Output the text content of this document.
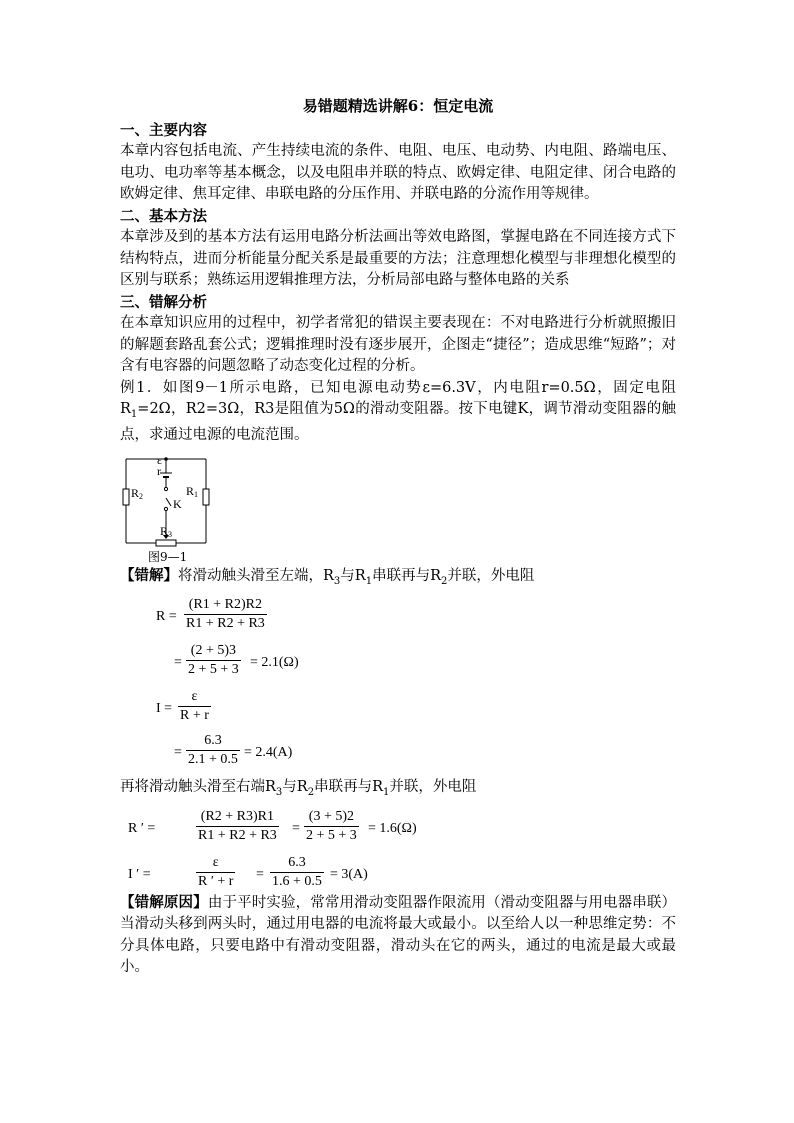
易错题精选讲解6：恒定电流
一、主要内容

本章内容包括电流、产生持续电流的条件、电阻、电压、电动势、内电阻、路端电压、电功、电功率等基本概念，以及电阻串并联的特点、欧姆定律、电阻定律、闭合电路的欧姆定律、焦耳定律、串联电路的分压作用、并联电路的分流作用等规律。

二、基本方法

本章涉及到的基本方法有运用电路分析法画出等效电路图，掌握电路在不同连接方式下结构特点，进而分析能量分配关系是最重要的方法；注意理想化模型与非理想化模型的区别与联系；熟练运用逻辑推理方法，分析局部电路与整体电路的关系

三、错解分析

在本章知识应用的过程中，初学者常犯的错误主要表现在：不对电路进行分析就照搬旧的解题套路乱套公式；逻辑推理时没有逐步展开，企图走“捷径”；造成思维“短路”；对含有电容器的问题忽略了动态变化过程的分析。

例1．如图9－1所示电路，已知电源电动势ε=6.3V，内电阻r=0.5Ω，固定电阻$R_1=2\Omega$，R2=3Ω，R3是阻值为5Ω的滑动变阻器。按下电键K，调节滑动变阻器的触点，求通过电源的电流范围。

ε
r
R2	R1
K
R3
图9—1

【错解】将滑动触头滑至左端，$R_3$与$R_1$串联再与$R_2$并联，外电阻

$R = \frac{(R1 + R2)R2}{R1 + R2 + R3}$
= $\frac{(2 + 5)3}{2 + 5 + 3} = 2.1(\Omega)$
$I = \frac{\varepsilon}{R + r}$
= $\frac{6.3}{2.1 + 0.5} = 2.4(A)$

再将滑动触头滑至右端$R_3$与$R_2$串联再与$R_1$并联，外电阻

R ′ =	$\frac{(R2 + R3)R1}{R1 + R2 + R3} = \frac{(3 + 5)2}{2 + 5 + 3} = 1.6(\Omega)$
I ′ =	$\frac{\varepsilon}{R ' + r} = \frac{6.3}{1.6 + 0.5} = 3(A)$

【错解原因】由于平时实验，常常用滑动变阻器作限流用（滑动变阻器与用电器串联）当滑动头移到两头时，通过用电器的电流将最大或最小。以至给人以一种思维定势：不分具体电路，只要电路中有滑动变阻器，滑动头在它的两头，通过的电流是最大或最小。
